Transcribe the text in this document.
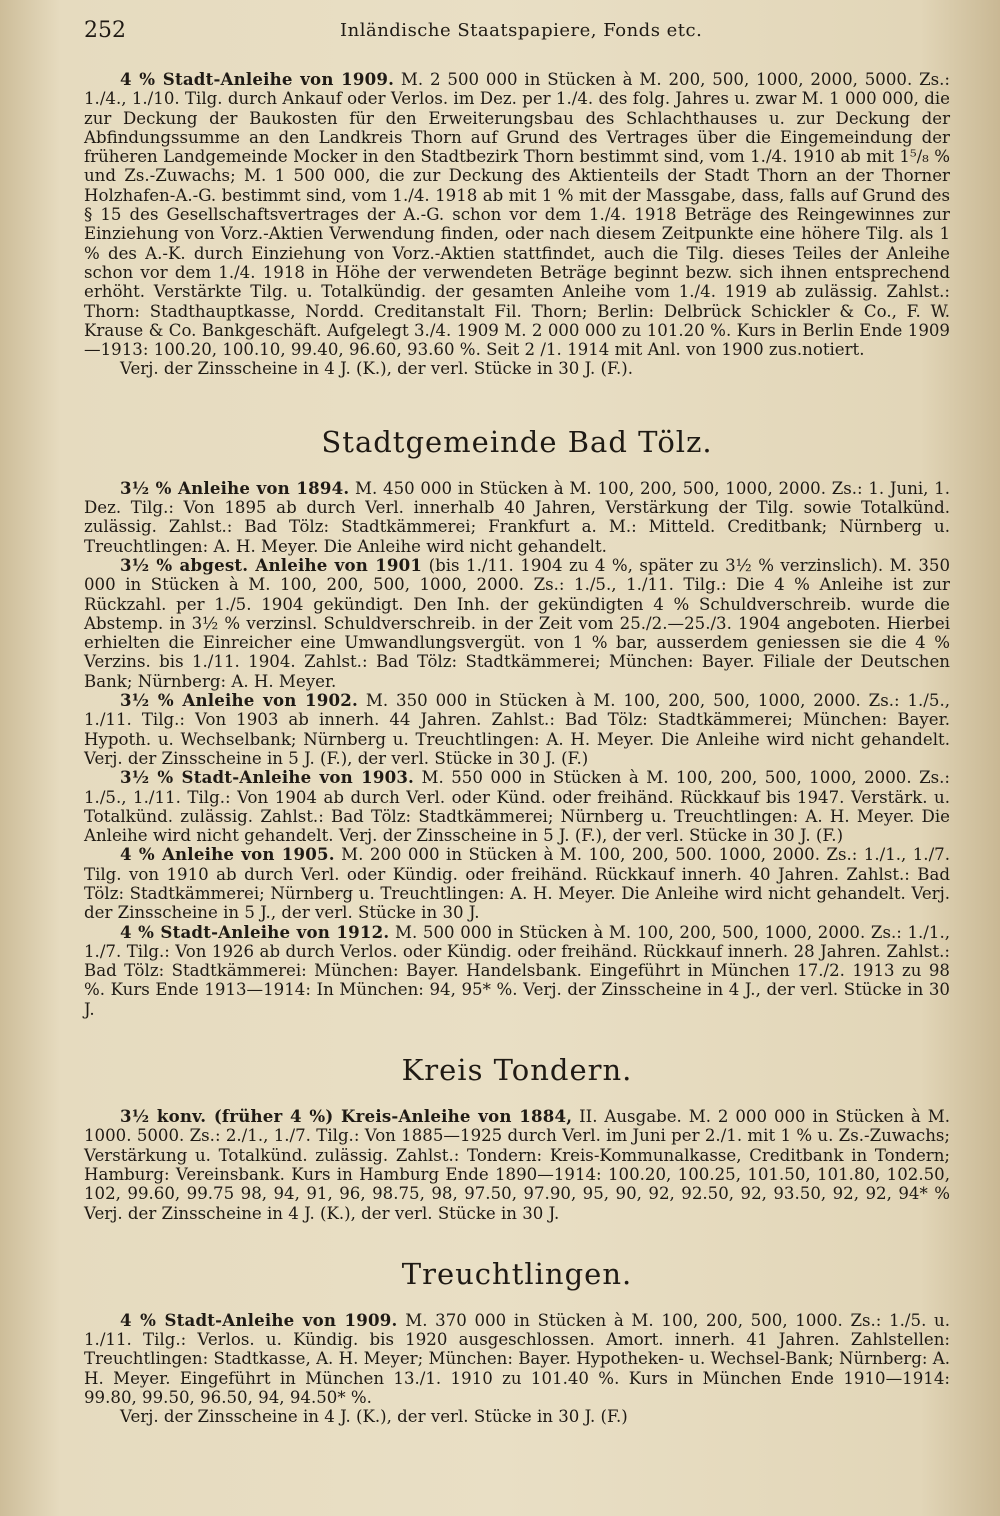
252	Inländische Staatspapiere, Fonds etc.

4 % Stadt-Anleihe von 1909. M. 2 500 000 in Stücken à M. 200, 500, 1000, 2000, 5000. Zs.: 1./4., 1./10. Tilg. durch Ankauf oder Verlos. im Dez. per 1./4. des folg. Jahres u. zwar M. 1 000 000, die zur Deckung der Baukosten für den Erweiterungsbau des Schlachthauses u. zur Deckung der Abfindungssumme an den Landkreis Thorn auf Grund des Vertrages über die Eingemeindung der früheren Landgemeinde Mocker in den Stadtbezirk Thorn bestimmt sind, vom 1./4. 1910 ab mit 1⁵/₈ % und Zs.-Zuwachs; M. 1 500 000, die zur Deckung des Aktienteils der Stadt Thorn an der Thorner Holzhafen-A.-G. bestimmt sind, vom 1./4. 1918 ab mit 1 % mit der Massgabe, dass, falls auf Grund des § 15 des Gesellschaftsvertrages der A.-G. schon vor dem 1./4. 1918 Beträge des Reingewinnes zur Einziehung von Vorz.-Aktien Verwendung finden, oder nach diesem Zeitpunkte eine höhere Tilg. als 1 % des A.-K. durch Einziehung von Vorz.-Aktien stattfindet, auch die Tilg. dieses Teiles der Anleihe schon vor dem 1./4. 1918 in Höhe der verwendeten Beträge beginnt bezw. sich ihnen entsprechend erhöht. Verstärkte Tilg. u. Totalkündig. der gesamten Anleihe vom 1./4. 1919 ab zulässig. Zahlst.: Thorn: Stadthauptkasse, Nordd. Creditanstalt Fil. Thorn; Berlin: Delbrück Schickler & Co., F. W. Krause & Co. Bankgeschäft. Aufgelegt 3./4. 1909 M. 2 000 000 zu 101.20 %. Kurs in Berlin Ende 1909—1913: 100.20, 100.10, 99.40, 96.60, 93.60 %. Seit 2 /1. 1914 mit Anl. von 1900 zus.notiert.

Verj. der Zinsscheine in 4 J. (K.), der verl. Stücke in 30 J. (F.).

Stadtgemeinde Bad Tölz.

3½ % Anleihe von 1894. M. 450 000 in Stücken à M. 100, 200, 500, 1000, 2000. Zs.: 1. Juni, 1. Dez. Tilg.: Von 1895 ab durch Verl. innerhalb 40 Jahren, Verstärkung der Tilg. sowie Totalkünd. zulässig. Zahlst.: Bad Tölz: Stadtkämmerei; Frankfurt a. M.: Mitteld. Creditbank; Nürnberg u. Treuchtlingen: A. H. Meyer. Die Anleihe wird nicht gehandelt.

3½ % abgest. Anleihe von 1901 (bis 1./11. 1904 zu 4 %, später zu 3½ % verzinslich). M. 350 000 in Stücken à M. 100, 200, 500, 1000, 2000. Zs.: 1./5., 1./11. Tilg.: Die 4 % Anleihe ist zur Rückzahl. per 1./5. 1904 gekündigt. Den Inh. der gekündigten 4 % Schuldverschreib. wurde die Abstemp. in 3½ % verzinsl. Schuldverschreib. in der Zeit vom 25./2.—25./3. 1904 angeboten. Hierbei erhielten die Einreicher eine Umwandlungsvergüt. von 1 % bar, ausserdem geniessen sie die 4 % Verzins. bis 1./11. 1904. Zahlst.: Bad Tölz: Stadtkämmerei; München: Bayer. Filiale der Deutschen Bank; Nürnberg: A. H. Meyer.

3½ % Anleihe von 1902. M. 350 000 in Stücken à M. 100, 200, 500, 1000, 2000. Zs.: 1./5., 1./11. Tilg.: Von 1903 ab innerh. 44 Jahren. Zahlst.: Bad Tölz: Stadtkämmerei; München: Bayer. Hypoth. u. Wechselbank; Nürnberg u. Treuchtlingen: A. H. Meyer. Die Anleihe wird nicht gehandelt. Verj. der Zinsscheine in 5 J. (F.), der verl. Stücke in 30 J. (F.)

3½ % Stadt-Anleihe von 1903. M. 550 000 in Stücken à M. 100, 200, 500, 1000, 2000. Zs.: 1./5., 1./11. Tilg.: Von 1904 ab durch Verl. oder Künd. oder freihänd. Rückkauf bis 1947. Verstärk. u. Totalkünd. zulässig. Zahlst.: Bad Tölz: Stadtkämmerei; Nürnberg u. Treuchtlingen: A. H. Meyer. Die Anleihe wird nicht gehandelt. Verj. der Zinsscheine in 5 J. (F.), der verl. Stücke in 30 J. (F.)

4 % Anleihe von 1905. M. 200 000 in Stücken à M. 100, 200, 500. 1000, 2000. Zs.: 1./1., 1./7. Tilg. von 1910 ab durch Verl. oder Kündig. oder freihänd. Rückkauf innerh. 40 Jahren. Zahlst.: Bad Tölz: Stadtkämmerei; Nürnberg u. Treuchtlingen: A. H. Meyer. Die Anleihe wird nicht gehandelt. Verj. der Zinsscheine in 5 J., der verl. Stücke in 30 J.

4 % Stadt-Anleihe von 1912. M. 500 000 in Stücken à M. 100, 200, 500, 1000, 2000. Zs.: 1./1., 1./7. Tilg.: Von 1926 ab durch Verlos. oder Kündig. oder freihänd. Rückkauf innerh. 28 Jahren. Zahlst.: Bad Tölz: Stadtkämmerei: München: Bayer. Handelsbank. Eingeführt in München 17./2. 1913 zu 98 %. Kurs Ende 1913—1914: In München: 94, 95* %. Verj. der Zinsscheine in 4 J., der verl. Stücke in 30 J.

Kreis Tondern.

3½ konv. (früher 4 %) Kreis-Anleihe von 1884, II. Ausgabe. M. 2 000 000 in Stücken à M. 1000. 5000. Zs.: 2./1., 1./7. Tilg.: Von 1885—1925 durch Verl. im Juni per 2./1. mit 1 % u. Zs.-Zuwachs; Verstärkung u. Totalkünd. zulässig. Zahlst.: Tondern: Kreis-Kommunalkasse, Creditbank in Tondern; Hamburg: Vereinsbank. Kurs in Hamburg Ende 1890—1914: 100.20, 100.25, 101.50, 101.80, 102.50, 102, 99.60, 99.75 98, 94, 91, 96, 98.75, 98, 97.50, 97.90, 95, 90, 92, 92.50, 92, 93.50, 92, 92, 94* % Verj. der Zinsscheine in 4 J. (K.), der verl. Stücke in 30 J.

Treuchtlingen.

4 % Stadt-Anleihe von 1909. M. 370 000 in Stücken à M. 100, 200, 500, 1000. Zs.: 1./5. u. 1./11. Tilg.: Verlos. u. Kündig. bis 1920 ausgeschlossen. Amort. innerh. 41 Jahren. Zahlstellen: Treuchtlingen: Stadtkasse, A. H. Meyer; München: Bayer. Hypotheken- u. Wechsel-Bank; Nürnberg: A. H. Meyer. Eingeführt in München 13./1. 1910 zu 101.40 %. Kurs in München Ende 1910—1914: 99.80, 99.50, 96.50, 94, 94.50* %.

Verj. der Zinsscheine in 4 J. (K.), der verl. Stücke in 30 J. (F.)
